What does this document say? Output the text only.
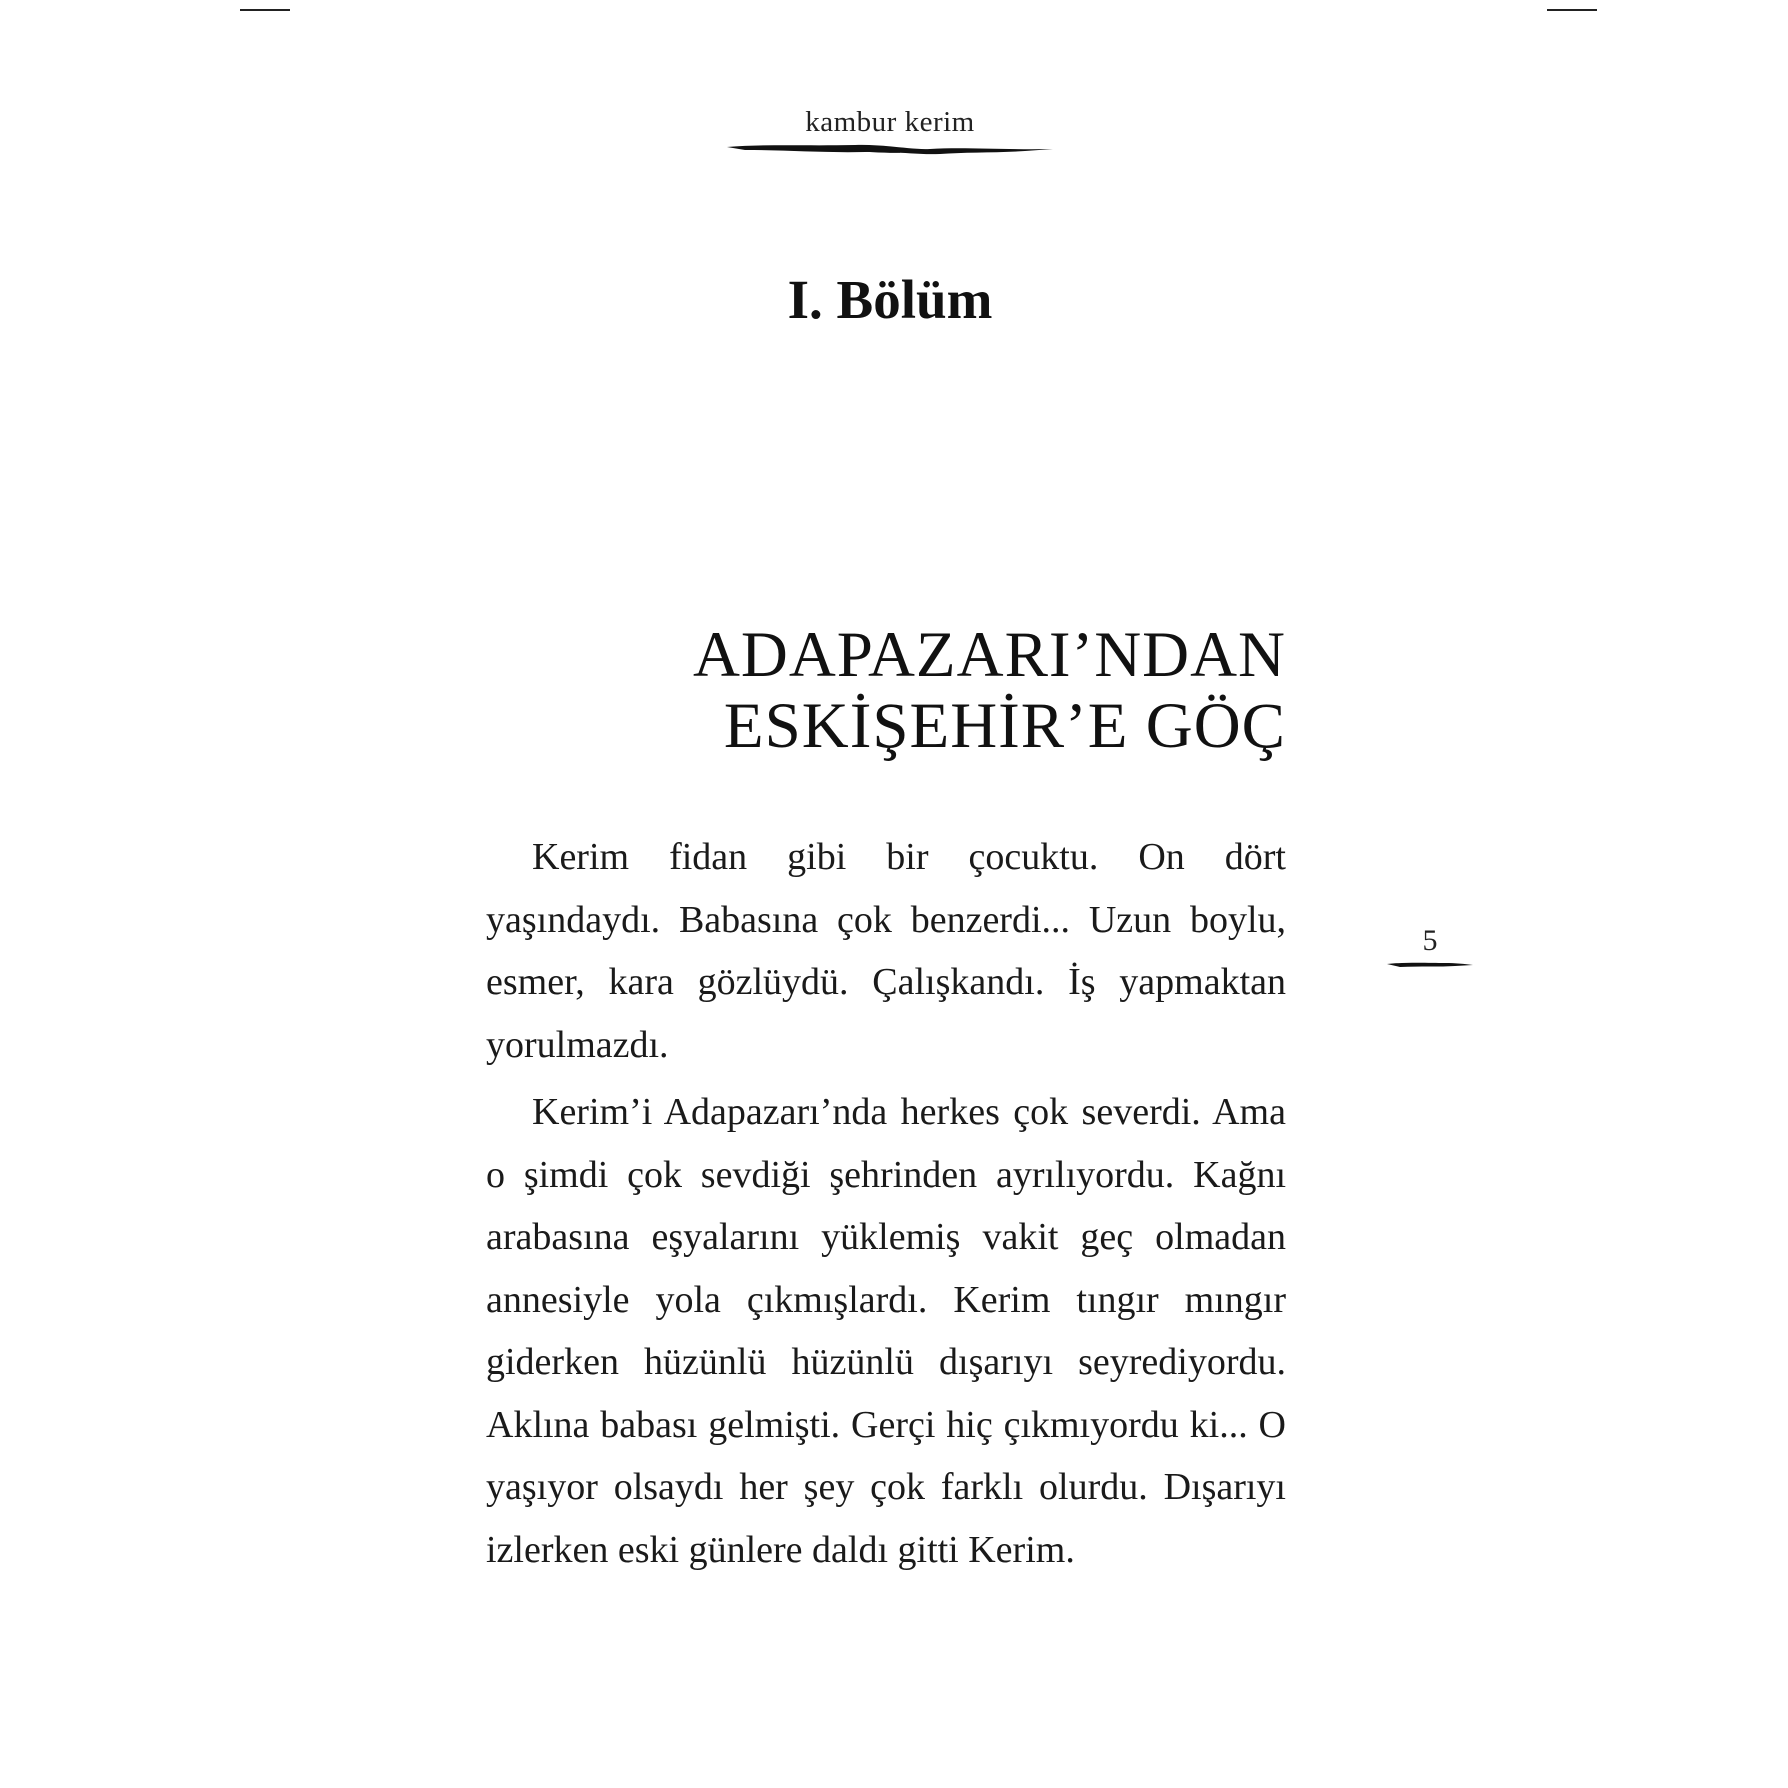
kambur kerim
I. Bölüm
ADAPAZARI’NDAN
ESKİŞEHİR’E GÖÇ

Kerim fidan gibi bir çocuktu. On dört yaşındaydı. Babasına çok benzerdi... Uzun boylu, esmer, kara gözlüydü. Çalışkandı. İş yapmaktan yorulmazdı.

Kerim’i Adapazarı’nda herkes çok severdi. Ama o şimdi çok sevdiği şehrinden ayrılıyordu. Kağnı arabasına eşyalarını yüklemiş vakit geç olmadan annesiyle yola çıkmışlardı. Kerim tıngır mıngır giderken hüzünlü hüzünlü dışarıyı seyrediyordu. Aklına babası gelmişti. Gerçi hiç çıkmıyordu ki... O yaşıyor olsaydı her şey çok farklı olurdu. Dışarıyı izlerken eski günlere daldı gitti Kerim.

5
